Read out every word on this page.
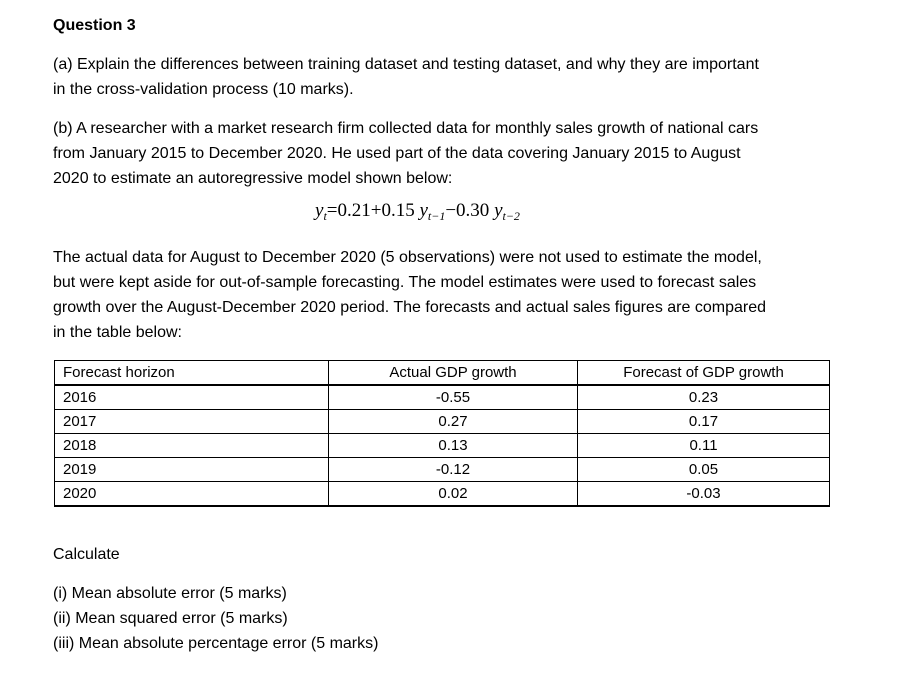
Question 3

(a) Explain the differences between training dataset and testing dataset, and why they are important

in the cross-validation process (10 marks).

(b) A researcher with a market research firm collected data for monthly sales growth of national cars

from January 2015 to December 2020. He used part of the data covering January 2015 to August

2020 to estimate an autoregressive model shown below:

$y_t=0.21+0.15$ $y_{t-1}-0.30$ $y_{t-2}$

The actual data for August to December 2020 (5 observations) were not used to estimate the model,

but were kept aside for out-of-sample forecasting. The model estimates were used to forecast sales

growth over the August-December 2020 period. The forecasts and actual sales figures are compared

in the table below:

Forecast horizon	Actual GDP growth	Forecast of GDP growth
2016	-0.55	0.23
2017	0.27	0.17
2018	0.13	0.11
2019	-0.12	0.05
2020	0.02	-0.03

Calculate

(i) Mean absolute error (5 marks)

(ii) Mean squared error (5 marks)

(iii) Mean absolute percentage error (5 marks)
